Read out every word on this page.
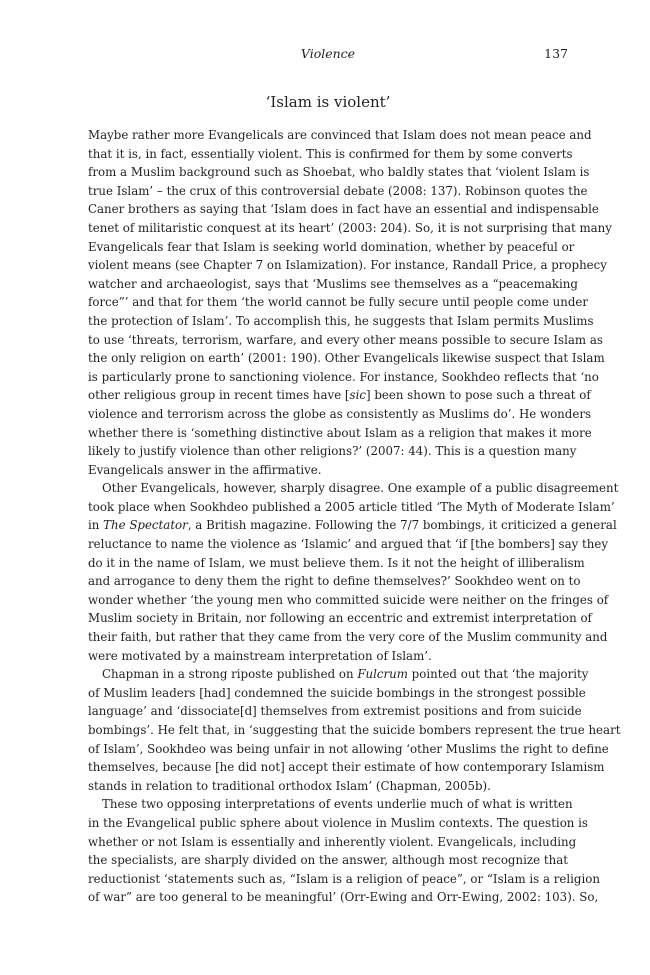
Violence	137
‘Islam is violent’
Maybe rather more Evangelicals are convinced that Islam does not mean peace and
that it is, in fact, essentially violent. This is confirmed for them by some converts
from a Muslim background such as Shoebat, who baldly states that ‘violent Islam is
true Islam’ – the crux of this controversial debate (2008: 137). Robinson quotes the
Caner brothers as saying that ‘Islam does in fact have an essential and indispensable
tenet of militaristic conquest at its heart’ (2003: 204). So, it is not surprising that many
Evangelicals fear that Islam is seeking world domination, whether by peaceful or
violent means (see Chapter 7 on Islamization). For instance, Randall Price, a prophecy
watcher and archaeologist, says that ‘Muslims see themselves as a “peacemaking
force”’ and that for them ‘the world cannot be fully secure until people come under
the protection of Islam’. To accomplish this, he suggests that Islam permits Muslims
to use ‘threats, terrorism, warfare, and every other means possible to secure Islam as
the only religion on earth’ (2001: 190). Other Evangelicals likewise suspect that Islam
is particularly prone to sanctioning violence. For instance, Sookhdeo reflects that ‘no
other religious group in recent times have [sic] been shown to pose such a threat of
violence and terrorism across the globe as consistently as Muslims do’. He wonders
whether there is ‘something distinctive about Islam as a religion that makes it more
likely to justify violence than other religions?’ (2007: 44). This is a question many
Evangelicals answer in the affirmative.
Other Evangelicals, however, sharply disagree. One example of a public disagreement
took place when Sookhdeo published a 2005 article titled ‘The Myth of Moderate Islam’
in The Spectator, a British magazine. Following the 7/7 bombings, it criticized a general
reluctance to name the violence as ‘Islamic’ and argued that ‘if [the bombers] say they
do it in the name of Islam, we must believe them. Is it not the height of illiberalism
and arrogance to deny them the right to define themselves?’ Sookhdeo went on to
wonder whether ‘the young men who committed suicide were neither on the fringes of
Muslim society in Britain, nor following an eccentric and extremist interpretation of
their faith, but rather that they came from the very core of the Muslim community and
were motivated by a mainstream interpretation of Islam’.
Chapman in a strong riposte published on Fulcrum pointed out that ‘the majority
of Muslim leaders [had] condemned the suicide bombings in the strongest possible
language’ and ‘dissociate[d] themselves from extremist positions and from suicide
bombings’. He felt that, in ‘suggesting that the suicide bombers represent the true heart
of Islam’, Sookhdeo was being unfair in not allowing ‘other Muslims the right to define
themselves, because [he did not] accept their estimate of how contemporary Islamism
stands in relation to traditional orthodox Islam’ (Chapman, 2005b).
These two opposing interpretations of events underlie much of what is written
in the Evangelical public sphere about violence in Muslim contexts. The question is
whether or not Islam is essentially and inherently violent. Evangelicals, including
the specialists, are sharply divided on the answer, although most recognize that
reductionist ‘statements such as, “Islam is a religion of peace”, or “Islam is a religion
of war” are too general to be meaningful’ (Orr-Ewing and Orr-Ewing, 2002: 103). So,
